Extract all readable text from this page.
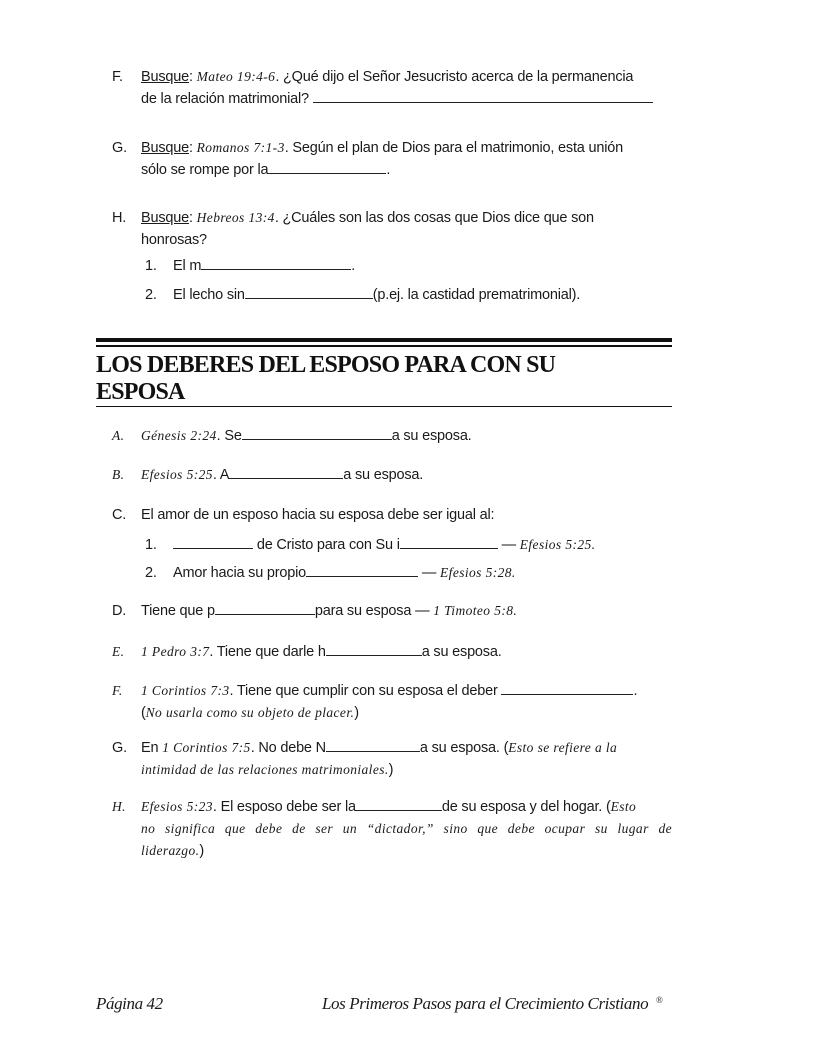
F. Busque: Mateo 19:4-6. ¿Qué dijo el Señor Jesucristo acerca de la permanencia
de la relación matrimonial?
G. Busque: Romanos 7:1-3. Según el plan de Dios para el matrimonio, esta unión
sólo se rompe por la	.
H. Busque: Hebreos 13:4. ¿Cuáles son las dos cosas que Dios dice que son
honrosas?
1. El m	.
2. El lecho sin	(p.ej. la castidad prematrimonial).
LOS DEBERES DEL ESPOSO PARA CON SU
ESPOSA
A. Génesis 2:24. Se	a su esposa.
B. Efesios 5:25. A	a su esposa.
C. El amor de un esposo hacia su esposa debe ser igual al:
1.	de Cristo para con Su i	— Efesios 5:25.
2. Amor hacia su propio	— Efesios 5:28.
D. Tiene que p	para su esposa — 1 Timoteo 5:8.
E. 1 Pedro 3:7. Tiene que darle h	a su esposa.
F. 1 Corintios 7:3. Tiene que cumplir con su esposa el deber	.
(No usarla como su objeto de placer.)
G. En 1 Corintios 7:5. No debe N	a su esposa. (Esto se refiere a la
intimidad de las relaciones matrimoniales.)
H. Efesios 5:23. El esposo debe ser la	de su esposa y del hogar. (Esto
no significa que debe de ser un “dictador,” sino que debe ocupar su lugar de
liderazgo.)
Página 42	Los Primeros Pasos para el Crecimiento Cristiano ®
